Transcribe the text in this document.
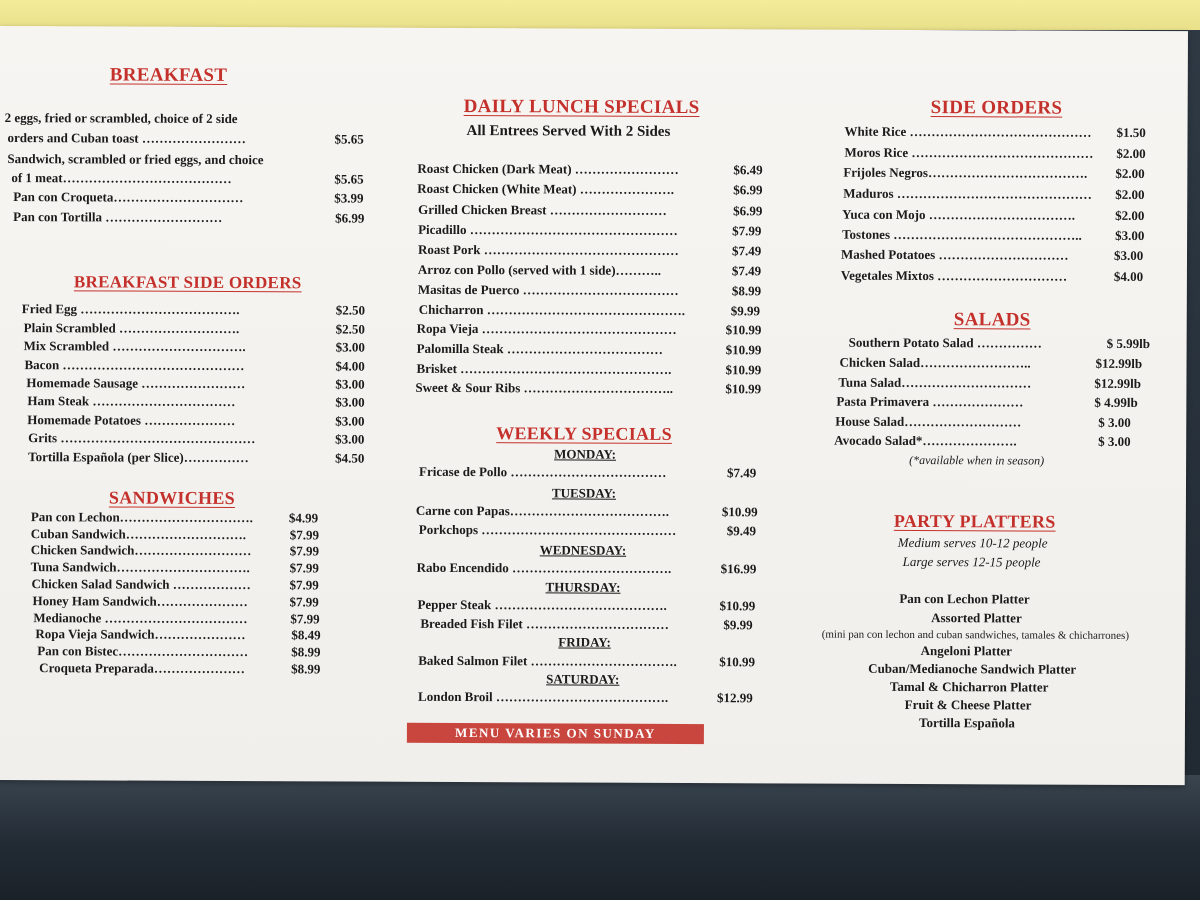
BREAKFAST
2 eggs, fried or scrambled, choice of 2 side
orders and Cuban toast ……………………	$5.65
Sandwich, scrambled or fried eggs, and choice
of 1 meat…………………………………	$5.65
Pan con Croqueta…………………………	$3.99
Pan con Tortilla ………………………	$6.99
BREAKFAST SIDE ORDERS
Fried Egg ……………………………….	$2.50
Plain Scrambled ……………………….	$2.50
Mix Scrambled ………………………….	$3.00
Bacon ……………………………………	$4.00
Homemade Sausage ……………………	$3.00
Ham Steak ……………………………	$3.00
Homemade Potatoes …………………	$3.00
Grits ………………………………………	$3.00
Tortilla Española (per Slice)……………	$4.50
SANDWICHES
Pan con Lechon………………………….	$4.99
Cuban Sandwich……………………….	$7.99
Chicken Sandwich………………………	$7.99
Tuna Sandwich………………………….	$7.99
Chicken Salad Sandwich ………………	$7.99
Honey Ham Sandwich…………………	$7.99
Medianoche ……………………………	$7.99
Ropa Vieja Sandwich…………………	$8.49
Pan con Bistec…………………………	$8.99
Croqueta Preparada…………………	$8.99
DAILY LUNCH SPECIALS
All Entrees Served With 2 Sides
Roast Chicken (Dark Meat) ……………………	$6.49
Roast Chicken (White Meat) ………………….	$6.99
Grilled Chicken Breast ………………………	$6.99
Picadillo …………………………………………	$7.99
Roast Pork ………………………………………	$7.49
Arroz con Pollo (served with 1 side)………..	$7.49
Masitas de Puerco ………………………………	$8.99
Chicharron ……………………………………….	$9.99
Ropa Vieja ………………………………………	$10.99
Palomilla Steak ………………………………	$10.99
Brisket ………………………………………….	$10.99
Sweet & Sour Ribs ……………………………..	$10.99
WEEKLY SPECIALS
MONDAY:
Fricase de Pollo ………………………………	$7.49
TUESDAY:
Carne con Papas……………………………….	$10.99
Porkchops ………………………………………	$9.49
WEDNESDAY:
Rabo Encendido ……………………………….	$16.99
THURSDAY:
Pepper Steak ………………………………….	$10.99
Breaded Fish Filet ……………………………	$9.99
FRIDAY:
Baked Salmon Filet …………………………….	$10.99
SATURDAY:
London Broil ………………………………….	$12.99
MENU VARIES ON SUNDAY
SIDE ORDERS
White Rice …………………………………… $1.50
Moros Rice …………………………………… $2.00
Frijoles Negros………………………………. $2.00
Maduros ……………………………………… $2.00
Yuca con Mojo …………………………….	$2.00
Tostones ……………………………………..	$3.00
Mashed Potatoes …………………………	$3.00
Vegetales Mixtos …………………………	$4.00
SALADS
Southern Potato Salad ……………	$ 5.99lb
Chicken Salad……………………..	$12.99lb
Tuna Salad…………………………	$12.99lb
Pasta Primavera …………………	$ 4.99lb
House Salad………………………	$ 3.00
Avocado Salad*………………….	$ 3.00
(*available when in season)
PARTY PLATTERS
Medium serves 10-12 people
Large serves 12-15 people
Pan con Lechon Platter
Assorted Platter
(mini pan con lechon and cuban sandwiches, tamales & chicharrones)
Angeloni Platter
Cuban/Medianoche Sandwich Platter
Tamal & Chicharron Platter
Fruit & Cheese Platter
Tortilla Española
